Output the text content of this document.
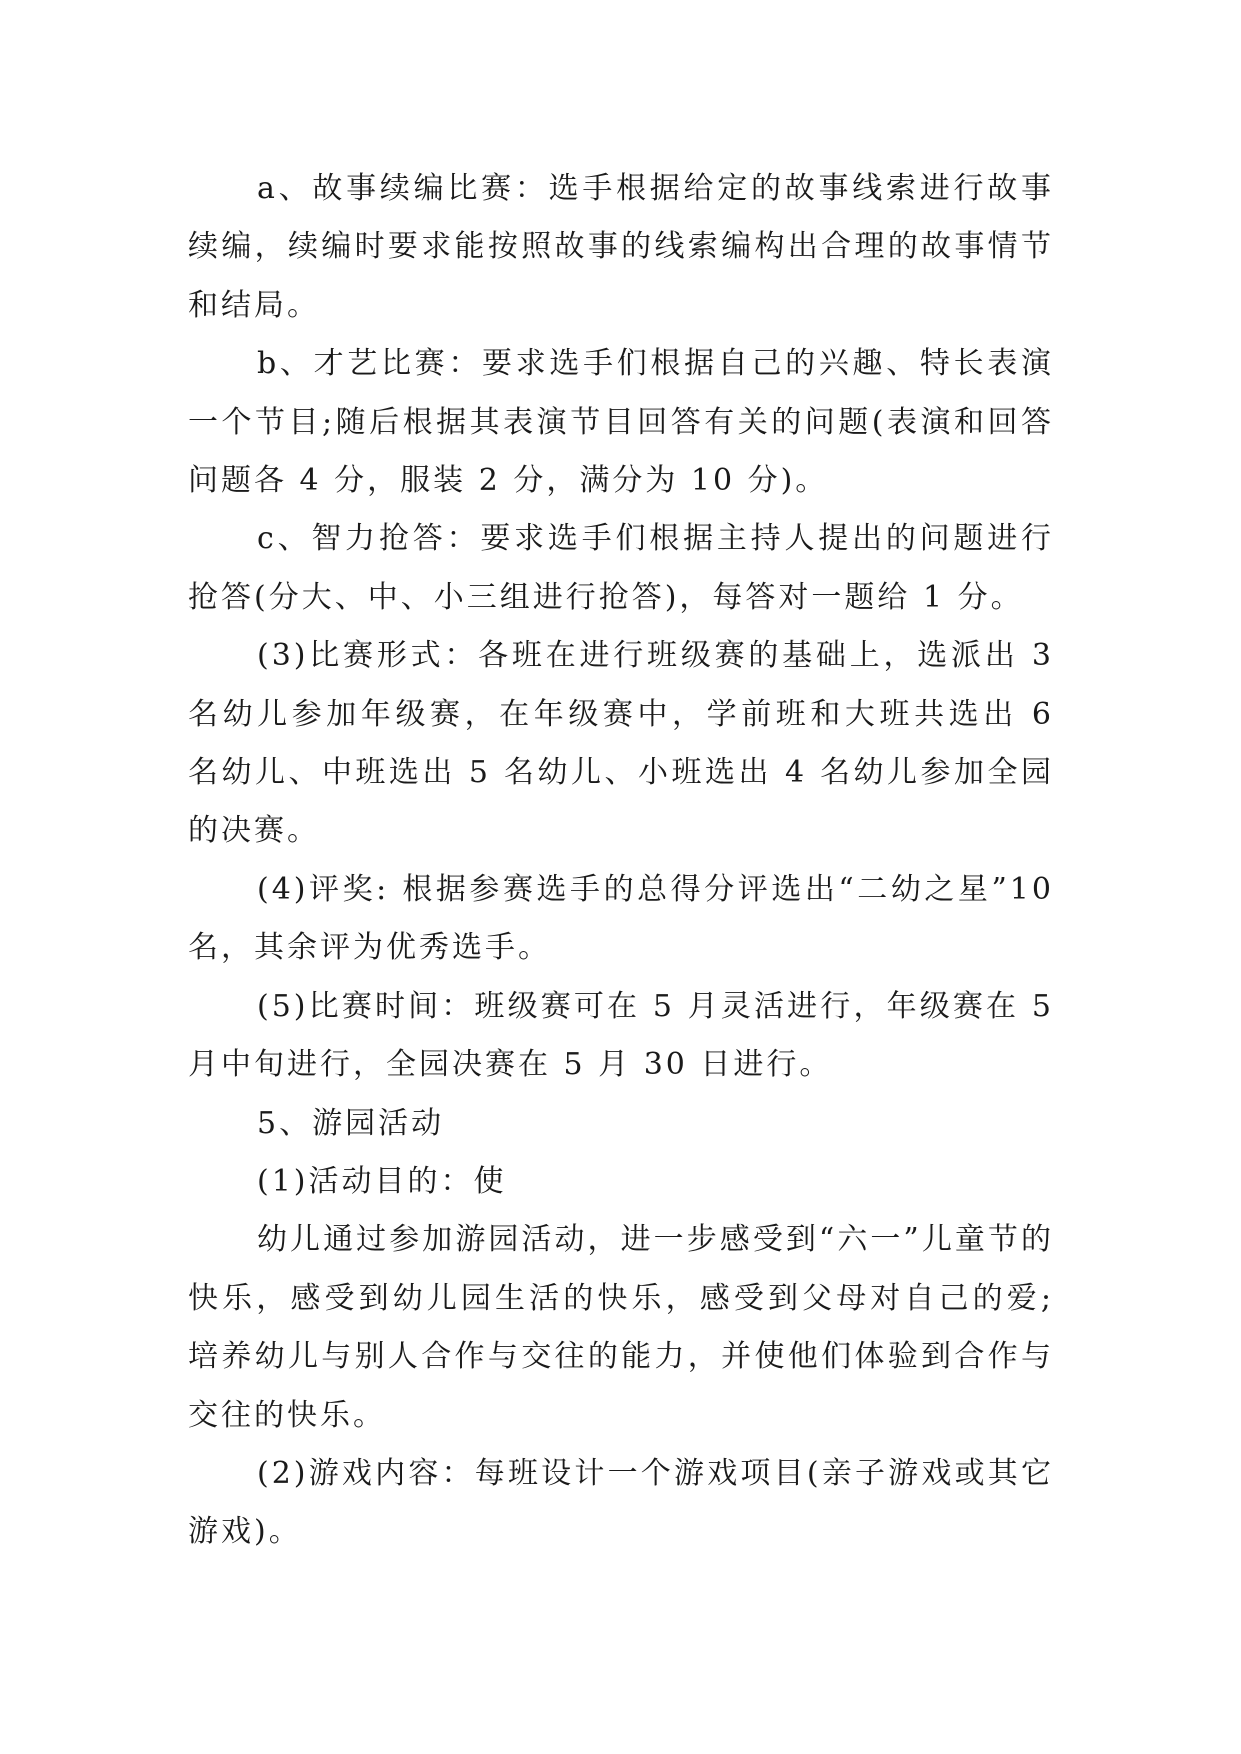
a、故事续编比赛：选手根据给定的故事线索进行故事续编，续编时要求能按照故事的线索编构出合理的故事情节和结局。

b、才艺比赛：要求选手们根据自己的兴趣、特长表演一个节目;随后根据其表演节目回答有关的问题(表演和回答问题各 4 分，服装 2 分，满分为 10 分)。

c、智力抢答：要求选手们根据主持人提出的问题进行抢答(分大、中、小三组进行抢答)，每答对一题给 1 分。

(3)比赛形式：各班在进行班级赛的基础上，选派出 3 名幼儿参加年级赛，在年级赛中，学前班和大班共选出 6 名幼儿、中班选出 5 名幼儿、小班选出 4 名幼儿参加全园的决赛。

(4)评奖: 根据参赛选手的总得分评选出“二幼之星”10 名，其余评为优秀选手。

(5)比赛时间：班级赛可在 5 月灵活进行，年级赛在 5 月中旬进行，全园决赛在 5 月 30 日进行。

5、游园活动

(1)活动目的：使

幼儿通过参加游园活动，进一步感受到“六一”儿童节的快乐，感受到幼儿园生活的快乐，感受到父母对自己的爱;培养幼儿与别人合作与交往的能力，并使他们体验到合作与交往的快乐。

(2)游戏内容：每班设计一个游戏项目(亲子游戏或其它游戏)。
